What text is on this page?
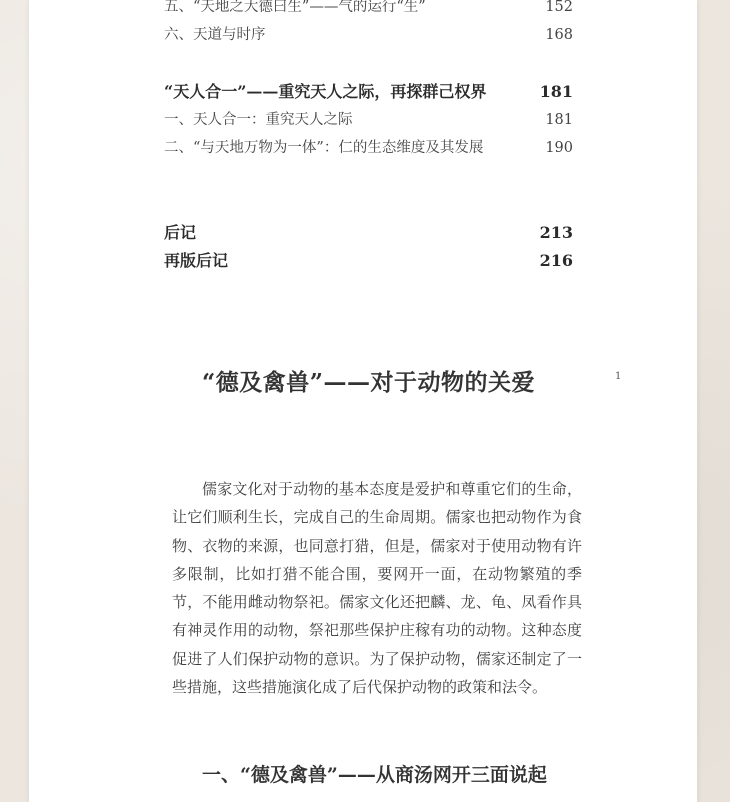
五、“天地之大德曰生”——气的运行“生”	152
六、天道与时序	168
“天人合一”——重究天人之际，再探群己权界	181
一、天人合一：重究天人之际	181
二、“与天地万物为一体”：仁的生态维度及其发展	190
后记	213
再版后记	216
“德及禽兽”——对于动物的关爱	1

儒家文化对于动物的基本态度是爱护和尊重它们的生命，让它们顺利生长，完成自己的生命周期。儒家也把动物作为食物、衣物的来源，也同意打猎，但是，儒家对于使用动物有许多限制，比如打猎不能合围，要网开一面，在动物繁殖的季节，不能用雌动物祭祀。儒家文化还把麟、龙、龟、凤看作具有神灵作用的动物，祭祀那些保护庄稼有功的动物。这种态度促进了人们保护动物的意识。为了保护动物，儒家还制定了一些措施，这些措施演化成了后代保护动物的政策和法令。

一、“德及禽兽”——从商汤网开三面说起
